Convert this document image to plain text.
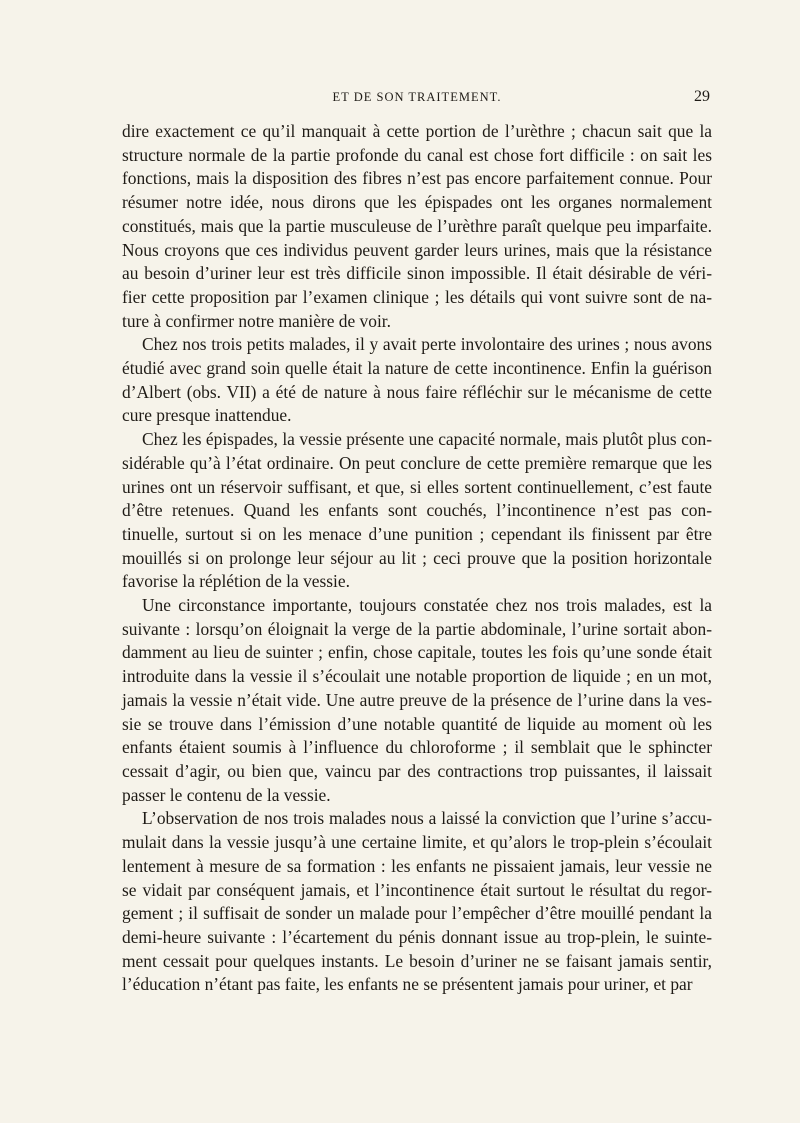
ET DE SON TRAITEMENT.	29

dire exactement ce qu’il manquait à cette portion de l’urèthre ; chacun sait que la structure normale de la partie profonde du canal est chose fort difficile : on sait les fonctions, mais la disposition des fibres n’est pas encore parfaitement connue. Pour résumer notre idée, nous dirons que les épispades ont les organes normalement constitués, mais que la partie musculeuse de l’urèthre paraît quelque peu imparfaite. Nous croyons que ces individus peuvent garder leurs urines, mais que la résistance au besoin d’uriner leur est très difficile sinon impossible. Il était désirable de véri-fier cette proposition par l’examen clinique ; les détails qui vont suivre sont de na-ture à confirmer notre manière de voir.

Chez nos trois petits malades, il y avait perte involontaire des urines ; nous avons étudié avec grand soin quelle était la nature de cette incontinence. Enfin la guérison d’Albert (obs. VII) a été de nature à nous faire réfléchir sur le mécanisme de cette cure presque inattendue.

Chez les épispades, la vessie présente une capacité normale, mais plutôt plus con-sidérable qu’à l’état ordinaire. On peut conclure de cette première remarque que les urines ont un réservoir suffisant, et que, si elles sortent continuellement, c’est faute d’être retenues. Quand les enfants sont couchés, l’incontinence n’est pas con-tinuelle, surtout si on les menace d’une punition ; cependant ils finissent par être mouillés si on prolonge leur séjour au lit ; ceci prouve que la position horizontale favorise la réplétion de la vessie.

Une circonstance importante, toujours constatée chez nos trois malades, est la suivante : lorsqu’on éloignait la verge de la partie abdominale, l’urine sortait abon-damment au lieu de suinter ; enfin, chose capitale, toutes les fois qu’une sonde était introduite dans la vessie il s’écoulait une notable proportion de liquide ; en un mot, jamais la vessie n’était vide. Une autre preuve de la présence de l’urine dans la ves-sie se trouve dans l’émission d’une notable quantité de liquide au moment où les enfants étaient soumis à l’influence du chloroforme ; il semblait que le sphincter cessait d’agir, ou bien que, vaincu par des contractions trop puissantes, il laissait passer le contenu de la vessie.

L’observation de nos trois malades nous a laissé la conviction que l’urine s’accu-mulait dans la vessie jusqu’à une certaine limite, et qu’alors le trop-plein s’écoulait lentement à mesure de sa formation : les enfants ne pissaient jamais, leur vessie ne se vidait par conséquent jamais, et l’incontinence était surtout le résultat du regor-gement ; il suffisait de sonder un malade pour l’empêcher d’être mouillé pendant la demi-heure suivante : l’écartement du pénis donnant issue au trop-plein, le suinte-ment cessait pour quelques instants. Le besoin d’uriner ne se faisant jamais sentir, l’éducation n’étant pas faite, les enfants ne se présentent jamais pour uriner, et par
